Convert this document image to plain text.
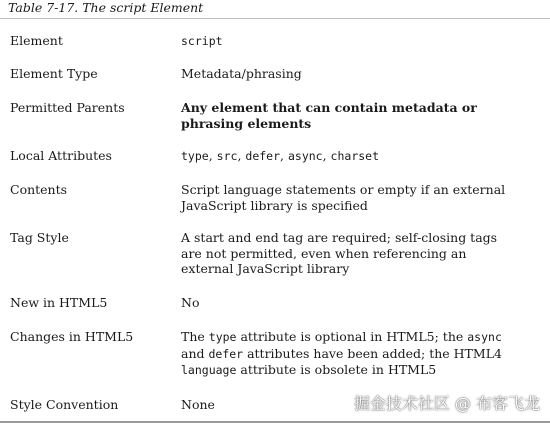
Table 7-17. The script Element
Element	script
Element Type	Metadata/phrasing
Permitted Parents	Any element that can contain metadata or phrasing elements
Local Attributes	type, src, defer, async, charset
Contents	Script language statements or empty if an external JavaScript library is specified
Tag Style	A start and end tag are required; self-closing tags are not permitted, even when referencing an external JavaScript library
New in HTML5	No
Changes in HTML5	The type attribute is optional in HTML5; the async and defer attributes have been added; the HTML4 language attribute is obsolete in HTML5
Style Convention	None	掘金技术社区 @ 布客飞龙
